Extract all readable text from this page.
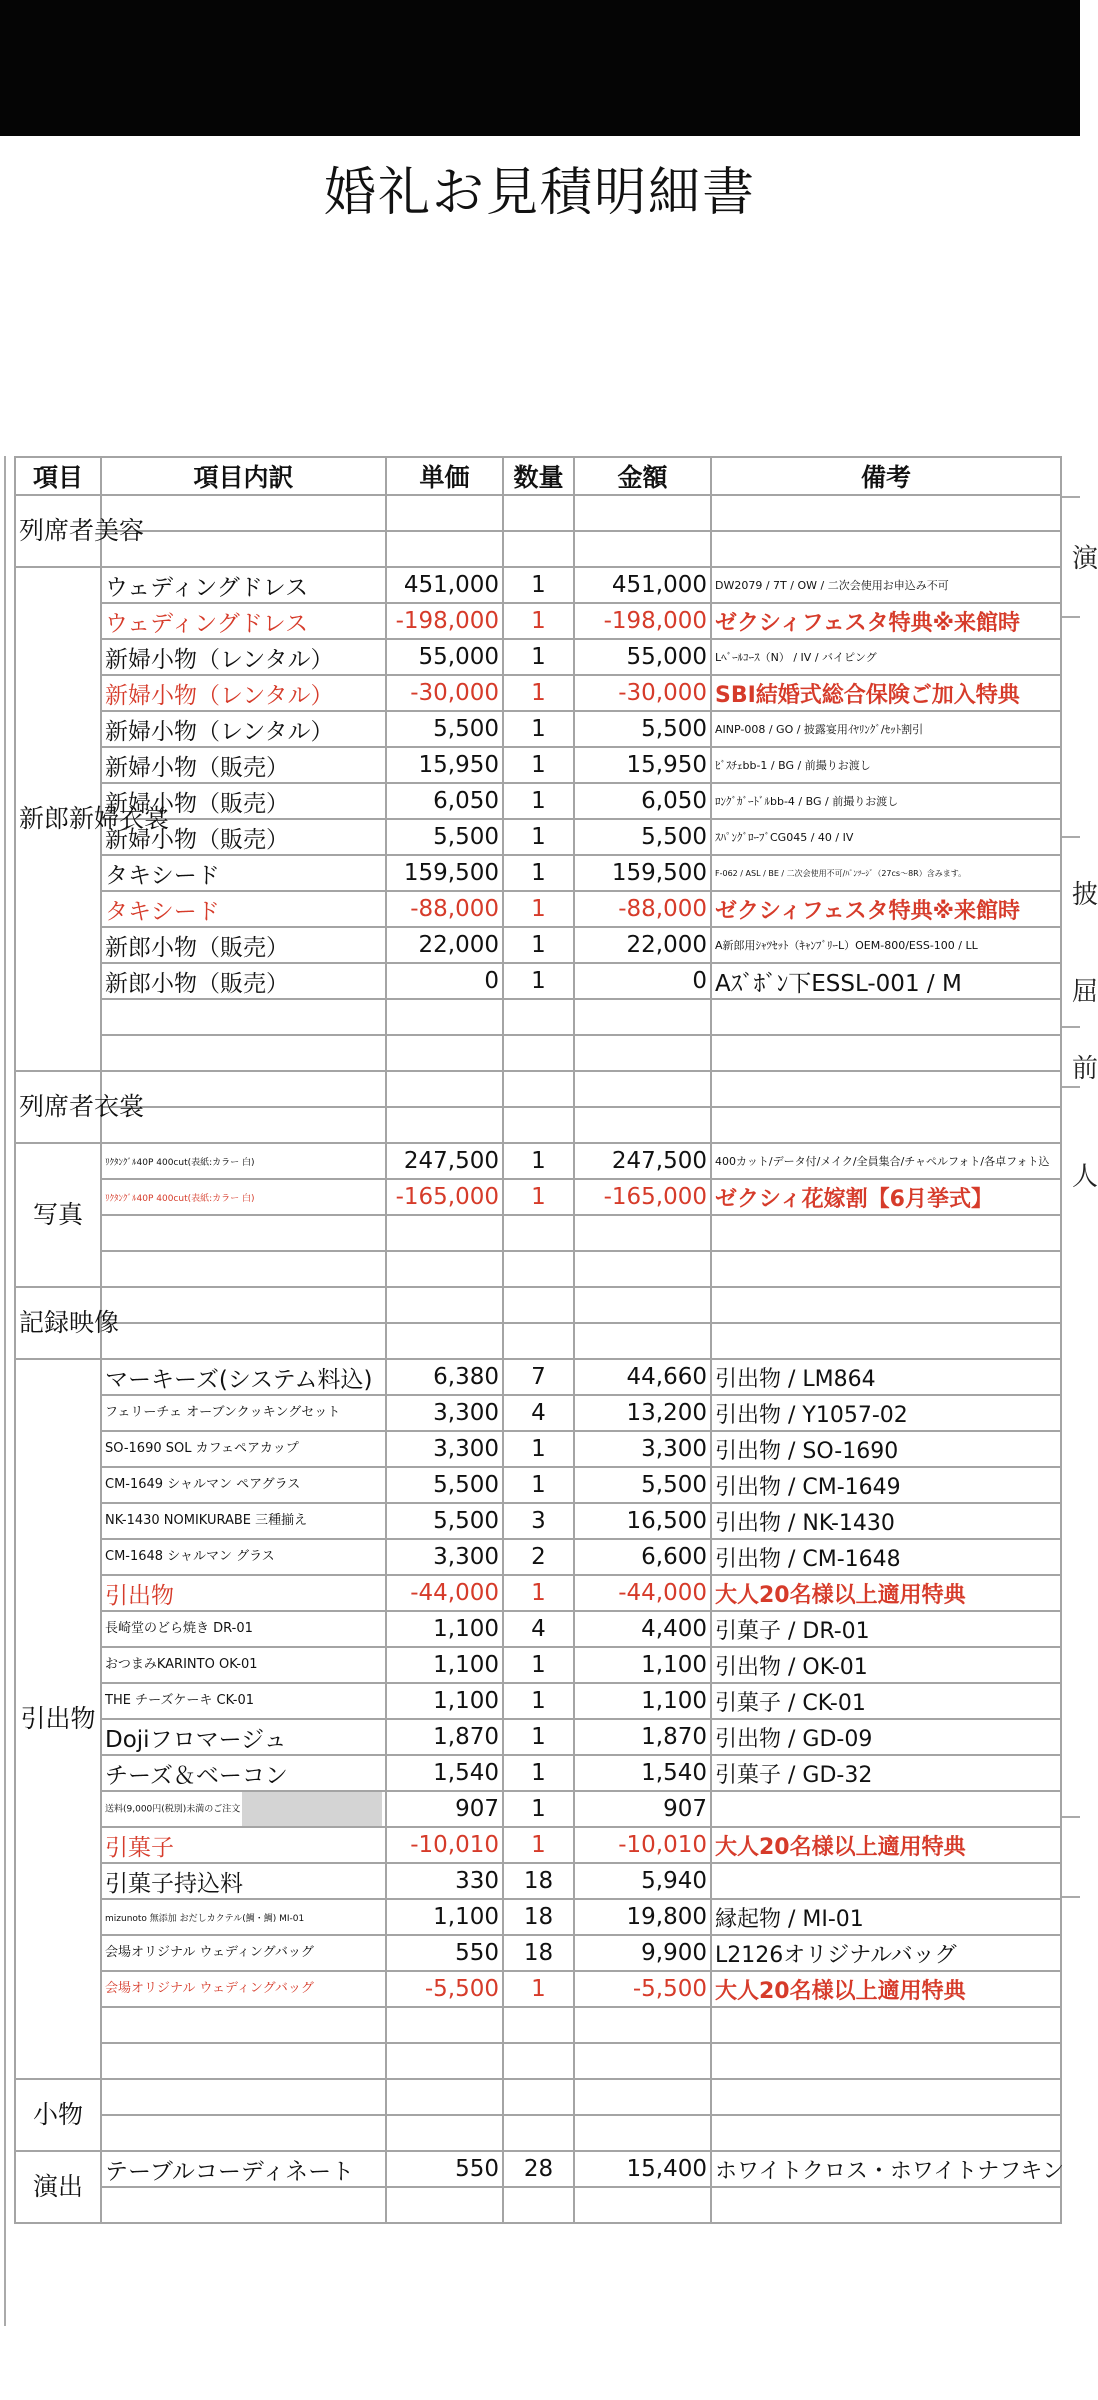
婚礼お見積明細書
演
披
屈
前
人
項目	項目内訳	単価	数量	金額	備考
列席者美容					

新郎新婦衣裳	ウェディングドレス	451,000	1	451,000	DW2079 / 7T / OW / 二次会使用お申込み不可
	ウェディングドレス	-198,000	1	-198,000	ゼクシィフェスタ特典※来館時
	新婦小物（レンタル）	55,000	1	55,000	Lﾍﾞｰﾙｺｰｽ（N） / IV / バイピング
	新婦小物（レンタル）	-30,000	1	-30,000	SBI結婚式総合保険ご加入特典
	新婦小物（レンタル）	5,500	1	5,500	AINP-008 / GO / 披露宴用ｲﾔﾘﾝｸﾞ/ｾｯﾄ割引
	新婦小物（販売）	15,950	1	15,950	ﾋﾞｽﾁｪbb-1 / BG / 前撮りお渡し
	新婦小物（販売）	6,050	1	6,050	ﾛﾝｸﾞｶﾞｰﾄﾞﾙbb-4 / BG / 前撮りお渡し
	新婦小物（販売）	5,500	1	5,500	ｽﾊﾟﾝｸﾞﾛｰﾌﾞCG045 / 40 / IV
	タキシード	159,500	1	159,500	F-062 / ASL / BE / 二次会使用不可/ﾊﾟﾝﾂｰｼﾞ（27cs～8R）含みます。
	タキシード	-88,000	1	-88,000	ゼクシィフェスタ特典※来館時
	新郎小物（販売）	22,000	1	22,000	A新郎用ｼｬﾂｾｯﾄ（ｷｬﾝﾌﾞﾘｰL）OEM-800/ESS-100 / LL
	新郎小物（販売）	0	1	0	Aｽﾞﾎﾞﾝ下ESSL-001 / M

列席者衣裳					

写真	ﾘｸﾀﾝｸﾞﾙ40P 400cut(表紙:カラー 白)	247,500	1	247,500	400カット/データ付/メイク/全員集合/チャペルフォト/各卓フォト込
	ﾘｸﾀﾝｸﾞﾙ40P 400cut(表紙:カラー 白)	-165,000	1	-165,000	ゼクシィ花嫁割【6月挙式】

記録映像					

引出物	マーキーズ(システム料込)	6,380	7	44,660	引出物 / LM864
	フェリーチェ オーブンクッキングセット	3,300	4	13,200	引出物 / Y1057-02
	SO-1690 SOL カフェペアカップ	3,300	1	3,300	引出物 / SO-1690
	CM-1649 シャルマン ペアグラス	5,500	1	5,500	引出物 / CM-1649
	NK-1430 NOMIKURABE 三種揃え	5,500	3	16,500	引出物 / NK-1430
	CM-1648 シャルマン グラス	3,300	2	6,600	引出物 / CM-1648
	引出物	-44,000	1	-44,000	大人20名様以上適用特典
	長崎堂のどら焼き DR-01	1,100	4	4,400	引菓子 / DR-01
	おつまみKARINTO OK-01	1,100	1	1,100	引出物 / OK-01
	THE チーズケーキ CK-01	1,100	1	1,100	引菓子 / CK-01
	Dojiフロマージュ	1,870	1	1,870	引出物 / GD-09
	チーズ＆ベーコン	1,540	1	1,540	引菓子 / GD-32
	送料(9,000円(税別)未満のご注文	907	1	907	
	引菓子	-10,010	1	-10,010	大人20名様以上適用特典
	引菓子持込料	330	18	5,940	
	mizunoto 無添加 おだしカクテル(鯛・鯛) MI-01	1,100	18	19,800	縁起物 / MI-01
	会場オリジナル ウェディングバッグ	550	18	9,900	L2126オリジナルバッグ
	会場オリジナル ウェディングバッグ	-5,500	1	-5,500	大人20名様以上適用特典

小物					

演出	テーブルコーディネート	550	28	15,400	ホワイトクロス・ホワイトナフキン
